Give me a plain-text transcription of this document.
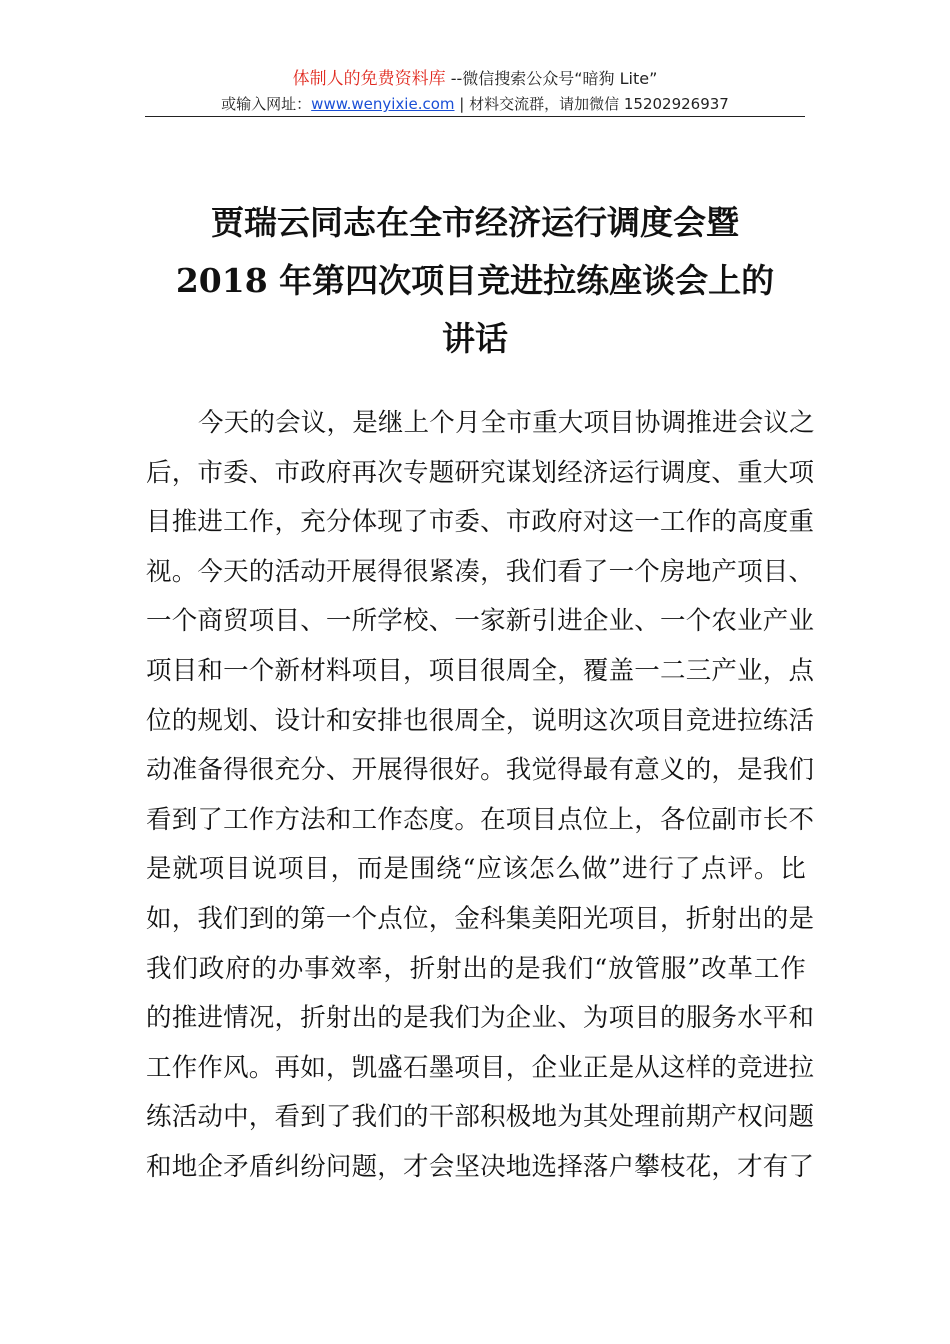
体制人的免费资料库 --微信搜索公众号“暗狗 Lite”
或输入网址：www.wenyixie.com | 材料交流群，请加微信 15202926937
贾瑞云同志在全市经济运行调度会暨
2018 年第四次项目竞进拉练座谈会上的
讲话
今天的会议，是继上个月全市重大项目协调推进会议之
后，市委、市政府再次专题研究谋划经济运行调度、重大项
目推进工作，充分体现了市委、市政府对这一工作的高度重
视。今天的活动开展得很紧凑，我们看了一个房地产项目、
一个商贸项目、一所学校、一家新引进企业、一个农业产业
项目和一个新材料项目，项目很周全，覆盖一二三产业，点
位的规划、设计和安排也很周全，说明这次项目竞进拉练活
动准备得很充分、开展得很好。我觉得最有意义的，是我们
看到了工作方法和工作态度。在项目点位上，各位副市长不
是就项目说项目，而是围绕“应该怎么做”进行了点评。比
如，我们到的第一个点位，金科集美阳光项目，折射出的是
我们政府的办事效率，折射出的是我们“放管服”改革工作
的推进情况，折射出的是我们为企业、为项目的服务水平和
工作作风。再如，凯盛石墨项目，企业正是从这样的竞进拉
练活动中，看到了我们的干部积极地为其处理前期产权问题
和地企矛盾纠纷问题，才会坚决地选择落户攀枝花，才有了
